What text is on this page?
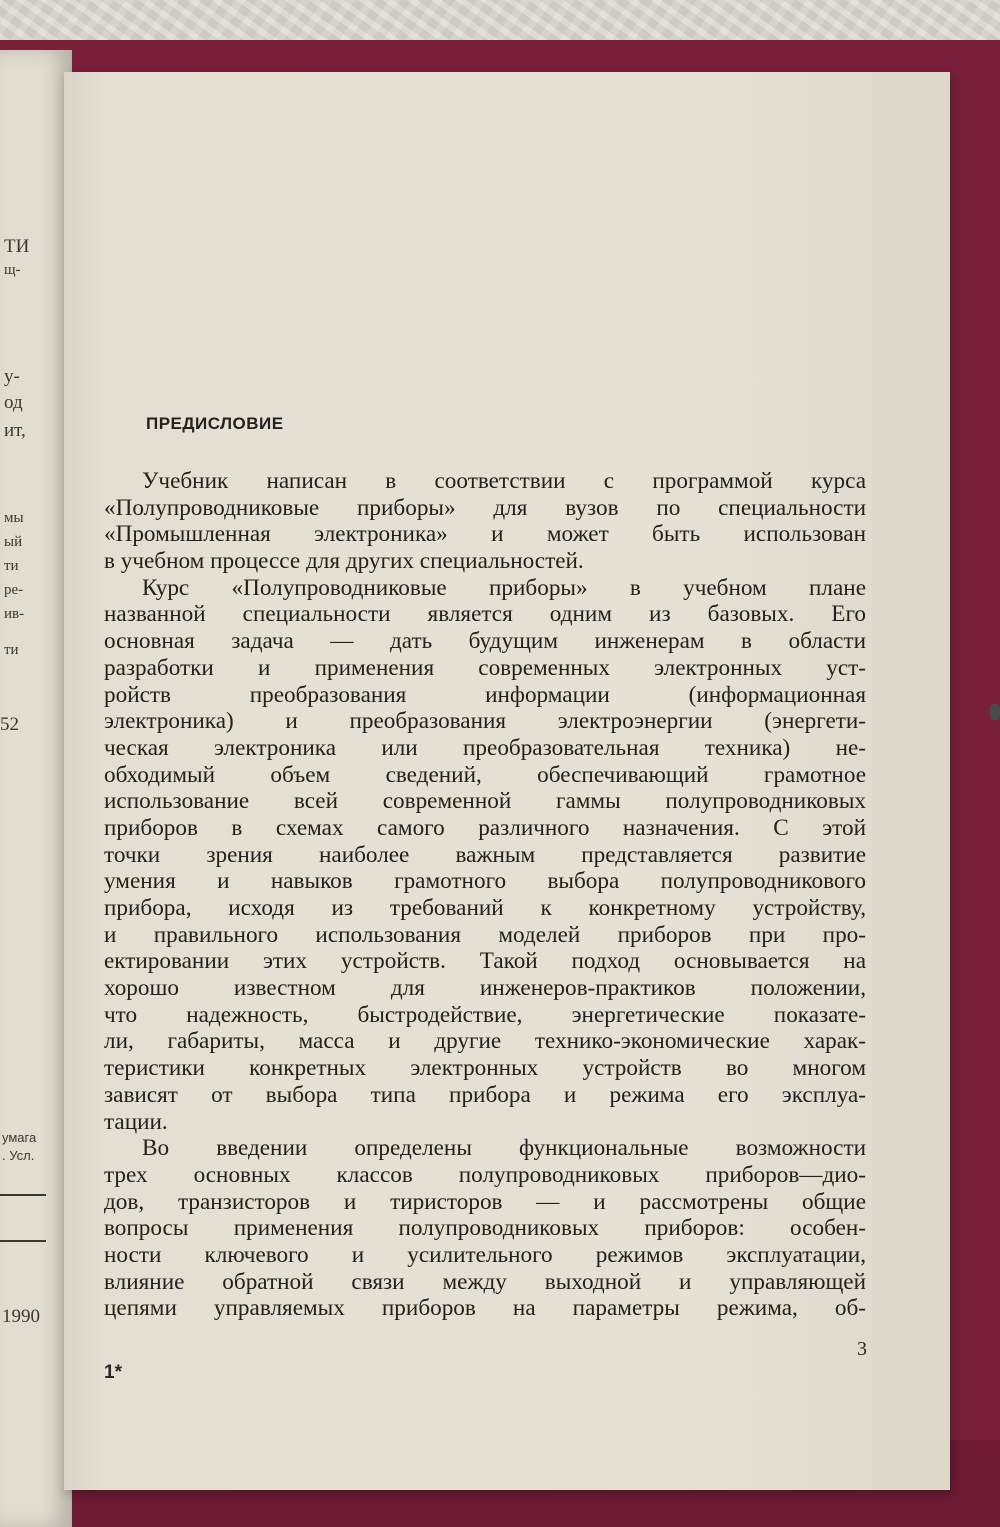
ТИ
щ-
у-
од
ит,
мы
ый
ти
ре-
ив-
ти
52
умага
. Усл.
1990
ПРЕДИСЛОВИЕ
Учебник написан в соответствии с программой курса
«Полупроводниковые приборы» для вузов по специальности
«Промышленная электроника» и может быть использован
в учебном процессе для других специальностей.
Курс «Полупроводниковые приборы» в учебном плане
названной специальности является одним из базовых. Его
основная задача — дать будущим инженерам в области
разработки и применения современных электронных уст-
ройств преобразования информации (информационная
электроника) и преобразования электроэнергии (энергети-
ческая электроника или преобразовательная техника) не-
обходимый объем сведений, обеспечивающий грамотное
использование всей современной гаммы полупроводниковых
приборов в схемах самого различного назначения. С этой
точки зрения наиболее важным представляется развитие
умения и навыков грамотного выбора полупроводникового
прибора, исходя из требований к конкретному устройству,
и правильного использования моделей приборов при про-
ектировании этих устройств. Такой подход основывается на
хорошо известном для инженеров-практиков положении,
что надежность, быстродействие, энергетические показате-
ли, габариты, масса и другие технико-экономические харак-
теристики конкретных электронных устройств во многом
зависят от выбора типа прибора и режима его эксплуа-
тации.
Во введении определены функциональные возможности
трех основных классов полупроводниковых приборов—дио-
дов, транзисторов и тиристоров — и рассмотрены общие
вопросы применения полупроводниковых приборов: особен-
ности ключевого и усилительного режимов эксплуатации,
влияние обратной связи между выходной и управляющей
цепями управляемых приборов на параметры режима, об-
3
1*
